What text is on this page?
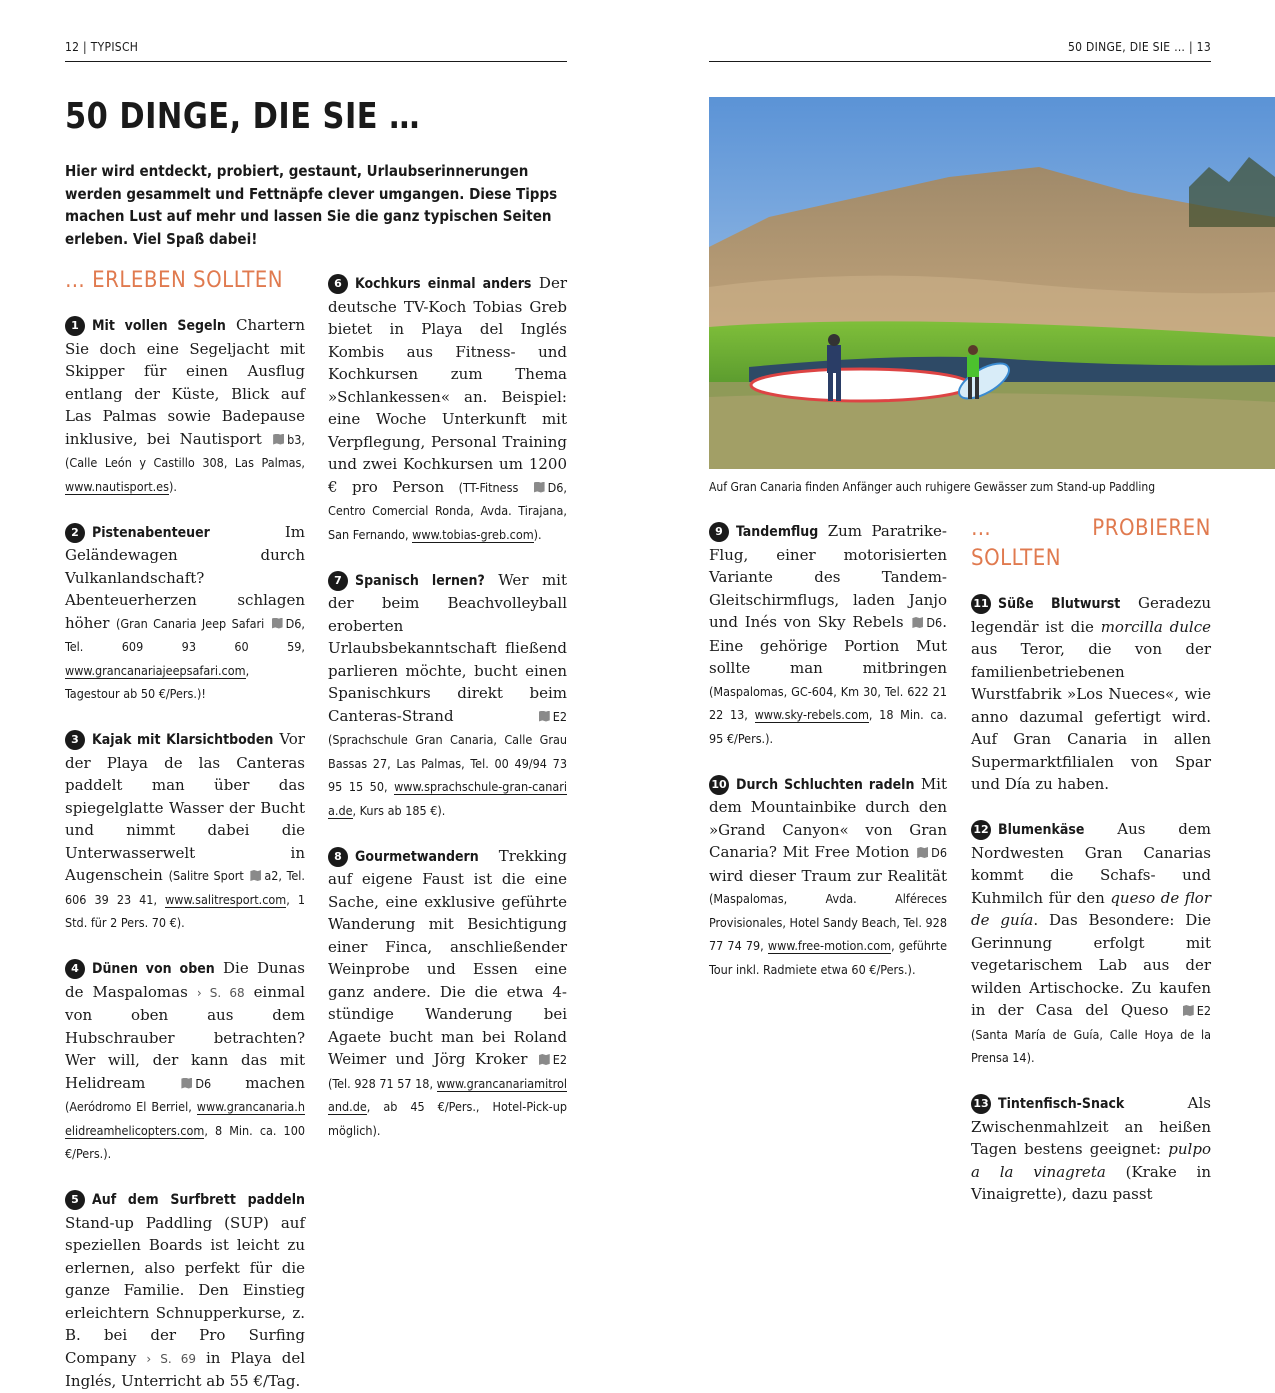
12 | TYPISCH	50 DINGE, DIE SIE … | 13
50 DINGE, DIE SIE …

Hier wird entdeckt, probiert, gestaunt, Urlaubserinnerungen werden gesammelt und Fettnäpfe clever umgangen. Diese Tipps machen Lust auf mehr und lassen Sie die ganz typischen Seiten erleben. Viel Spaß dabei!

… ERLEBEN SOLLTEN

1 Mit vollen Segeln Chartern Sie doch eine Segeljacht mit Skipper für einen Ausflug entlang der Küste, Blick auf Las Palmas sowie Badepause inklusive, bei Nautisport b3, (Calle León y Castillo 308, Las Palmas, www.nautisport.es).

2 Pistenabenteuer Im Geländewagen durch Vulkanlandschaft? Abenteuerherzen schlagen höher (Gran Canaria Jeep Safari D6, Tel. 609 93 60 59, www.grancanariajeepsafari.com, Tagestour ab 50 €/Pers.)!

3 Kajak mit Klarsichtboden Vor der Playa de las Canteras paddelt man über das spiegelglatte Wasser der Bucht und nimmt dabei die Unterwasserwelt in Augenschein (Salitre Sport a2, Tel. 606 39 23 41, www.salitresport.com, 1 Std. für 2 Pers. 70 €).

4 Dünen von oben Die Dunas de Maspalomas › S. 68 einmal von oben aus dem Hubschrauber betrachten? Wer will, der kann das mit Helidream D6 machen (Aeródromo El Berriel, www.grancanaria.helidreamhelicopters.com, 8 Min. ca. 100 €/Pers.).

5 Auf dem Surfbrett paddeln Stand-up Paddling (SUP) auf speziellen Boards ist leicht zu erlernen, also perfekt für die ganze Familie. Den Einstieg erleichtern Schnupperkurse, z. B. bei der Pro Surfing Company › S. 69 in Playa del Inglés, Unterricht ab 55 €/Tag.

6 Kochkurs einmal anders Der deutsche TV-Koch Tobias Greb bietet in Playa del Inglés Kombis aus Fitness- und Kochkursen zum Thema »Schlankessen« an. Beispiel: eine Woche Unterkunft mit Verpflegung, Personal Training und zwei Kochkursen um 1200 € pro Person (TT-Fitness D6, Centro Comercial Ronda, Avda. Tirajana, San Fernando, www.tobias-greb.com).

7 Spanisch lernen? Wer mit der beim Beachvolleyball eroberten Urlaubsbekanntschaft fließend parlieren möchte, bucht einen Spanischkurs direkt beim Canteras-Strand E2 (Sprachschule Gran Canaria, Calle Grau Bassas 27, Las Palmas, Tel. 00 49/94 73 95 15 50, www.sprachschule-gran-canaria.de, Kurs ab 185 €).

8 Gourmetwandern Trekking auf eigene Faust ist die eine Sache, eine exklusive geführte Wanderung mit Besichtigung einer Finca, anschließender Weinprobe und Essen eine ganz andere. Die die etwa 4-stündige Wanderung bei Agaete bucht man bei Roland Weimer und Jörg Kroker E2 (Tel. 928 71 57 18, www.grancanariamitroland.de, ab 45 €/Pers., Hotel-Pick-up möglich).

Auf Gran Canaria finden Anfänger auch ruhigere Gewässer zum Stand-up Paddling

9 Tandemflug Zum Paratrike-Flug, einer motorisierten Variante des Tandem-Gleitschirmflugs, laden Janjo und Inés von Sky Rebels D6. Eine gehörige Portion Mut sollte man mitbringen (Maspalomas, GC-604, Km 30, Tel. 622 21 22 13, www.sky-rebels.com, 18 Min. ca. 95 €/Pers.).

10 Durch Schluchten radeln Mit dem Mountainbike durch den »Grand Canyon« von Gran Canaria? Mit Free Motion D6 wird dieser Traum zur Realität (Maspalomas, Avda. Alféreces Provisionales, Hotel Sandy Beach, Tel. 928 77 74 79, www.free-motion.com, geführte Tour inkl. Radmiete etwa 60 €/Pers.).

… PROBIEREN SOLLTEN

11 Süße Blutwurst Geradezu legendär ist die morcilla dulce aus Teror, die von der familienbetriebenen Wurstfabrik »Los Nueces«, wie anno dazumal gefertigt wird. Auf Gran Canaria in allen Supermarktfilialen von Spar und Día zu haben.

12 Blumenkäse Aus dem Nordwesten Gran Canarias kommt die Schafs- und Kuhmilch für den queso de flor de guía. Das Besondere: Die Gerinnung erfolgt mit vegetarischem Lab aus der wilden Artischocke. Zu kaufen in der Casa del Queso E2 (Santa María de Guía, Calle Hoya de la Prensa 14).

13 Tintenfisch-Snack Als Zwischenmahlzeit an heißen Tagen bestens geeignet: pulpo a la vinagreta (Krake in Vinaigrette), dazu passt
